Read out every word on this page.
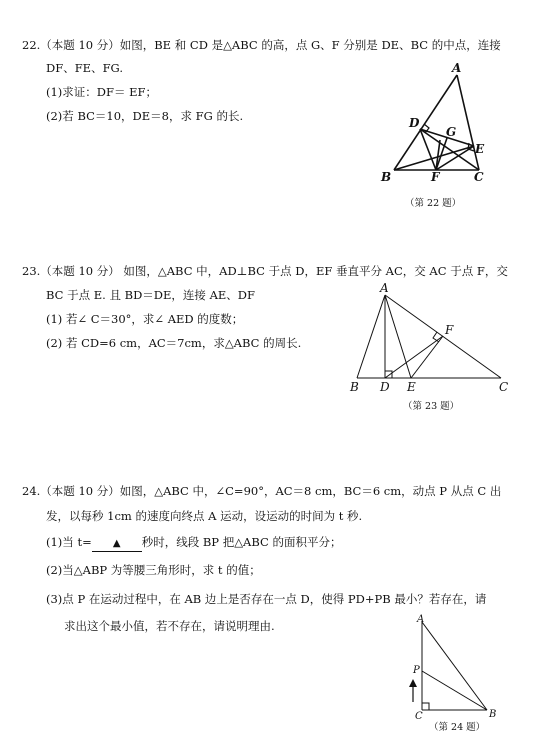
22.（本题 10 分）如图，BE 和 CD 是△ABC 的高，点 G、F 分别是 DE、BC 的中点，连接
DF、FE、FG.
(1)求证：DF＝ EF；
(2)若 BC＝10，DE＝8，求 FG 的长.
A
D
G
E
B	F	C
（第 22 题）
23.（本题 10 分） 如图，△ABC 中，AD⊥BC 于点 D，EF 垂直平分 AC，交 AC 于点 F，交
BC 于点 E. 且 BD＝DE，连接 AE、DF
(1) 若∠ C＝30°，求∠ AED 的度数；
(2) 若 CD=6 cm，AC＝7cm，求△ABC 的周长.
A
F
B D E	C
（第 23 题）
24.（本题 10 分）如图，△ABC 中，∠C=90°，AC＝8 cm，BC＝6 cm，动点 P 从点 C 出
发，以每秒 1cm 的速度向终点 A 运动，设运动的时间为 t 秒.
(1)当 t= ▲ 秒时，线段 BP 把△ABC 的面积平分；
(2)当△ABP 为等腰三角形时，求 t 的值；
(3)点 P 在运动过程中，在 AB 边上是否存在一点 D，使得 PD+PB 最小？若存在，请
求出这个最小值，若不存在，请说明理由.	A
P
C	B
（第 24 题）
